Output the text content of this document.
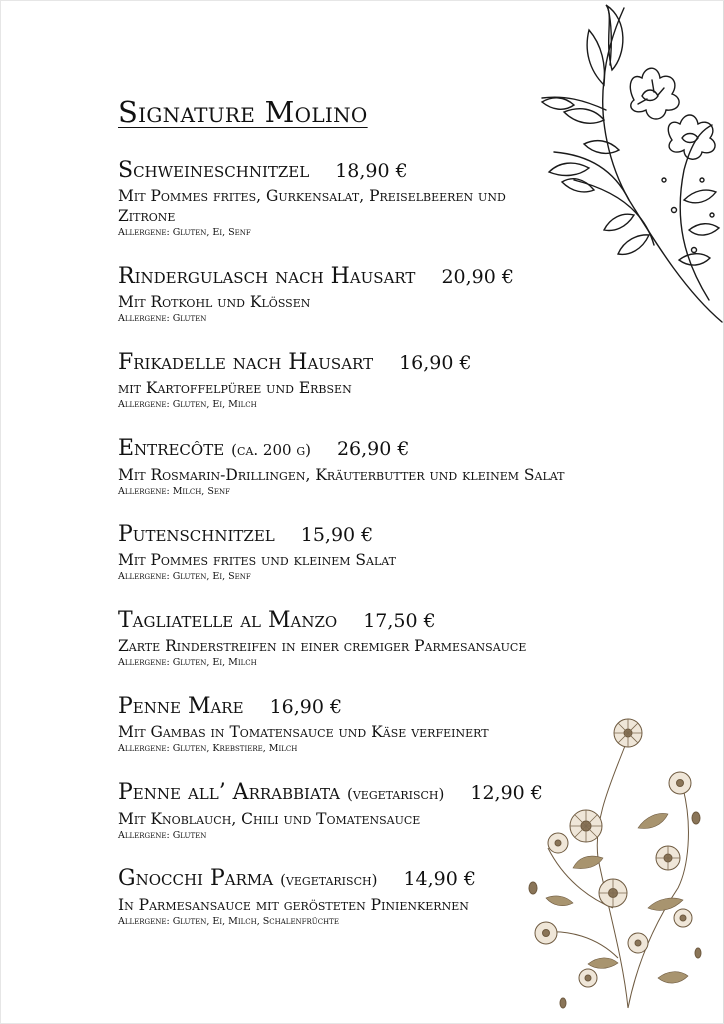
Signature Molino
Schweineschnitzel 18,90 €
Mit Pommes frites, Gurkensalat, Preiselbeeren und Zitrone
Allergene: Gluten, Ei, Senf
Rindergulasch nach Hausart 20,90 €
Mit Rotkohl und Klössen
Allergene: Gluten
Frikadelle nach Hausart 16,90 €
mit Kartoffelpüree und Erbsen
Allergene: Gluten, Ei, Milch
Entrecôte (ca. 200 g) 26,90 €
Mit Rosmarin-Drillingen, Kräuterbutter und kleinem Salat
Allergene: Milch, Senf
Putenschnitzel 15,90 €
Mit Pommes frites und kleinem Salat
Allergene: Gluten, Ei, Senf
Tagliatelle al Manzo 17,50 €
Zarte Rinderstreifen in einer cremiger Parmesansauce
Allergene: Gluten, Ei, Milch
Penne Mare 16,90 €
Mit Gambas in Tomatensauce und Käse verfeinert
Allergene: Gluten, Krebstiere, Milch
Penne all’ Arrabbiata (vegetarisch) 12,90 €
Mit Knoblauch, Chili und Tomatensauce
Allergene: Gluten
Gnocchi Parma (vegetarisch) 14,90 €
In Parmesansauce mit gerösteten Pinienkernen
Allergene: Gluten, Ei, Milch, Schalenfrüchte
